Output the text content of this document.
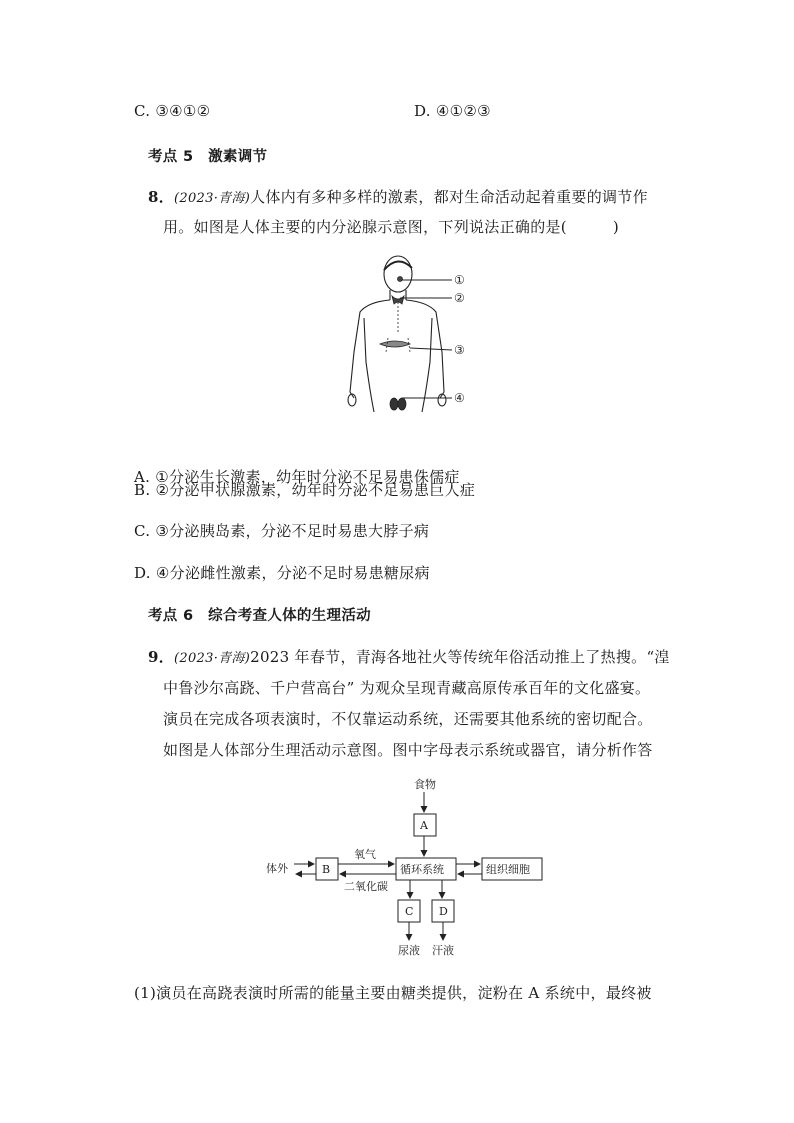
C. ③④①②	D. ④①②③
考点 5　激素调节
8．(2023·青海)人体内有多种多样的激素，都对生命活动起着重要的调节作
用。如图是人体主要的内分泌腺示意图，下列说法正确的是(　　　)
①
②
③
④
A. ①分泌生长激素，幼年时分泌不足易患侏儒症
B. ②分泌甲状腺激素，幼年时分泌不足易患巨人症
C. ③分泌胰岛素，分泌不足时易患大脖子病
D. ④分泌雌性激素，分泌不足时易患糖尿病
考点 6　综合考查人体的生理活动
9．(2023·青海)2023 年春节，青海各地社火等传统年俗活动推上了热搜。“湟
中鲁沙尔高跷、千户营高台” 为观众呈现青藏高原传承百年的文化盛宴。
演员在完成各项表演时，不仅靠运动系统，还需要其他系统的密切配合。
如图是人体部分生理活动示意图。图中字母表示系统或器官，请分析作答
食物
A
B
C D
循环系统	组织细胞
体外
氧气
二氧化碳
尿液 汗液
(1)演员在高跷表演时所需的能量主要由糖类提供，淀粉在 A 系统中，最终被
